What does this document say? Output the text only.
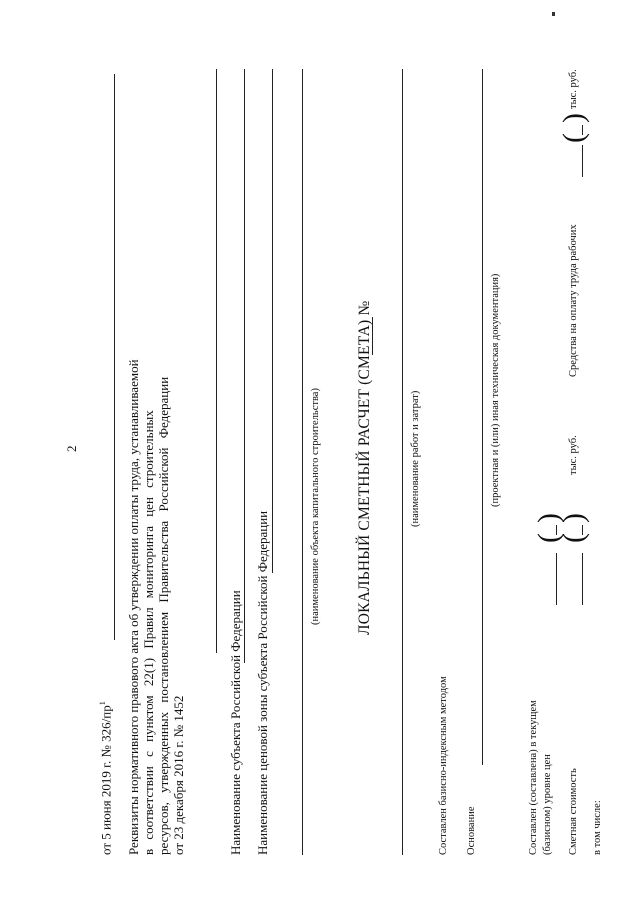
2
от 5 июня 2019 г. № $326/пр^1$	Реквизиты нормативного правового акта об утверждении оплаты труда, устанавливаемой в соответствии с пунктом 22(1) Правил мониторинга цен строительных ресурсов, утвержденных постановлением Правительства Российской Федерации от 23 декабря 2016 г. № 1452	Наименование субъекта Российской Федерации Наименование ценовой зоны субъекта Российской Федерации
(наименование объекта капитального строительства) ЛОКАЛЬНЫЙ СМЕТНЫЙ РАСЧЕТ (СМЕТА) №	(наименование работ и затрат)
Составлен базисно-индексным методом Основание
(проектная и (или) иная техническая документация)
Составлен (составлена) в текущем (базисном) уровне цен
(
)
Сметная стоимость
(
)
тыс. руб.
Средства на оплату труда рабочих
(
)
тыс. руб.
в том числе:
